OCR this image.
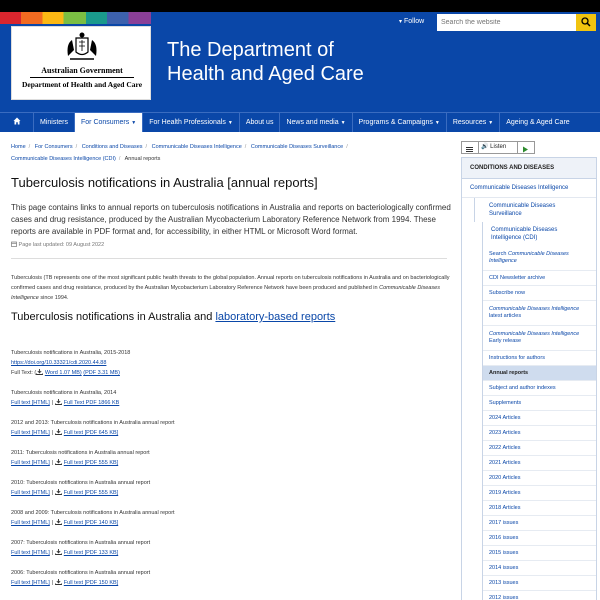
Australian Government
Department of Health and Aged Care
The Department of
Health and Aged Care
▾ Follow
Search the website
Ministers	For Consumers ▼	For Health Professionals ▼	About us	News and media ▼	Programs & Campaigns ▼	Resources ▼	Ageing & Aged Care
Home / For Consumers / Conditions and Diseases / Communicable Diseases Intelligence / Communicable Diseases Surveillance /
Communicable Diseases Intelligence (CDI) / Annual reports
Tuberculosis notifications in Australia [annual reports]

This page contains links to annual reports on tuberculosis notifications in Australia and reports on bacteriologically confirmed cases and drug resistance, produced by the Australian Mycobacterium Laboratory Reference Network from 1994. These reports are available in PDF format and, for accessibility, in either HTML or Microsoft Word format.

Page last updated: 09 August 2022

Tuberculosis (TB represents one of the most significant public health threats to the global population. Annual reports on tuberculosis notifications in Australia and on bacteriologically confirmed cases and drug resistance, produced by the Australian Mycobacterium Laboratory Reference Network have been produced and published in Communicable Diseases Intelligence since 1994.

Tuberculosis notifications in Australia and laboratory-based reports
Tuberculosis notifications in Australia, 2015-2018
https://doi.org/10.33321/cdi.2020.44.88
Full Text: ( Word 1.07 MB) (PDF 3.31 MB)
Tuberculosis notifications in Australia, 2014
Full text [HTML] | Full Text PDF 1866 KB
2012 and 2013: Tuberculosis notifications in Australia annual report
Full text [HTML] | Full text [PDF 645 KB]
2011: Tuberculosis notifications in Australia annual report
Full text [HTML] | Full text [PDF 555 KB]
2010: Tuberculosis notifications in Australia annual report
Full text [HTML] | Full text [PDF 555 KB]
2008 and 2009: Tuberculosis notifications in Australia annual report
Full text [HTML] | Full text [PDF 140 KB]
2007: Tuberculosis notifications in Australia annual report
Full text [HTML] | Full text [PDF 133 KB]
2006: Tuberculosis notifications in Australia annual report
Full text [HTML] | Full text [PDF 150 KB]
🔊 Listen
CONDITIONS AND DISEASES
Communicable Diseases Intelligence
Communicable Diseases Surveillance
Communicable Diseases Intelligence (CDI)
Search Communicable Diseases Intelligence
CDI Newsletter archive
Subscribe now
Communicable Diseases Intelligence latest articles
Communicable Diseases Intelligence Early release
Instructions for authors
Annual reports
Subject and author indexes
Supplements
2024 Articles
2023 Articles
2022 Articles
2021 Articles
2020 Articles
2019 Articles
2018 Articles
2017 issues
2016 issues
2015 issues
2014 issues
2013 issues
2012 issues
